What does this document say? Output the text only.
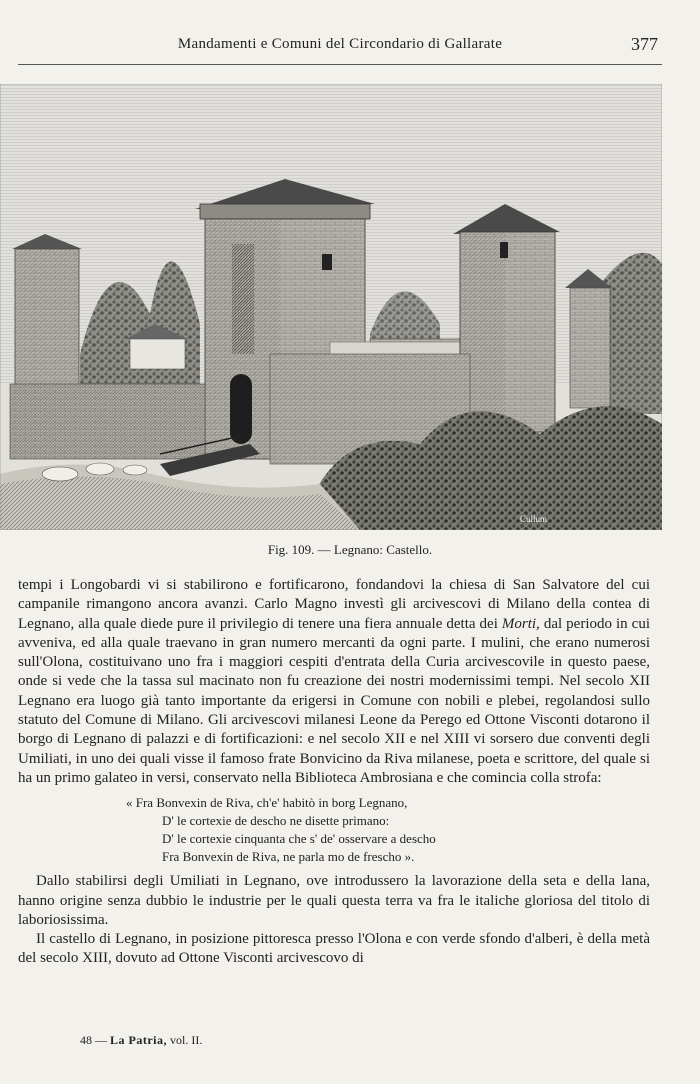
Mandamenti e Comuni del Circondario di Gallarate	377
Cullum
Fig. 109. — Legnano: Castello.

tempi i Longobardi vi si stabilirono e fortificarono, fondandovi la chiesa di San Salvatore del cui campanile rimangono ancora avanzi. Carlo Magno investì gli arcivescovi di Milano della contea di Legnano, alla quale diede pure il privilegio di tenere una fiera annuale detta dei Morti, dal periodo in cui avveniva, ed alla quale traevano in gran numero mercanti da ogni parte. I mulini, che erano numerosi sull'Olona, costituivano uno fra i maggiori cespiti d'entrata della Curia arcivescovile in questo paese, onde si vede che la tassa sul macinato non fu creazione dei nostri modernissimi tempi. Nel secolo XII Legnano era luogo già tanto importante da erigersi in Comune con nobili e plebei, regolandosi sullo statuto del Comune di Milano. Gli arcivescovi milanesi Leone da Perego ed Ottone Visconti dotarono il borgo di Legnano di palazzi e di fortificazioni: e nel secolo XII e nel XIII vi sorsero due conventi degli Umiliati, in uno dei quali visse il famoso frate Bonvicino da Riva milanese, poeta e scrittore, del quale si ha un primo galateo in versi, conservato nella Biblioteca Ambrosiana e che comincia colla strofa:

« Fra Bonvexin de Riva, ch'e' habitò in borg Legnano,
D' le cortexie de descho ne disette primano:
D' le cortexie cinquanta che s' de' osservare a descho
Fra Bonvexin de Riva, ne parla mo de frescho ».

Dallo stabilirsi degli Umiliati in Legnano, ove introdussero la lavorazione della seta e della lana, hanno origine senza dubbio le industrie per le quali questa terra va fra le italiche gloriosa del titolo di laboriosissima.

Il castello di Legnano, in posizione pittoresca presso l'Olona e con verde sfondo d'alberi, è della metà del secolo XIII, dovuto ad Ottone Visconti arcivescovo di

48 — La Patria, vol. II.
